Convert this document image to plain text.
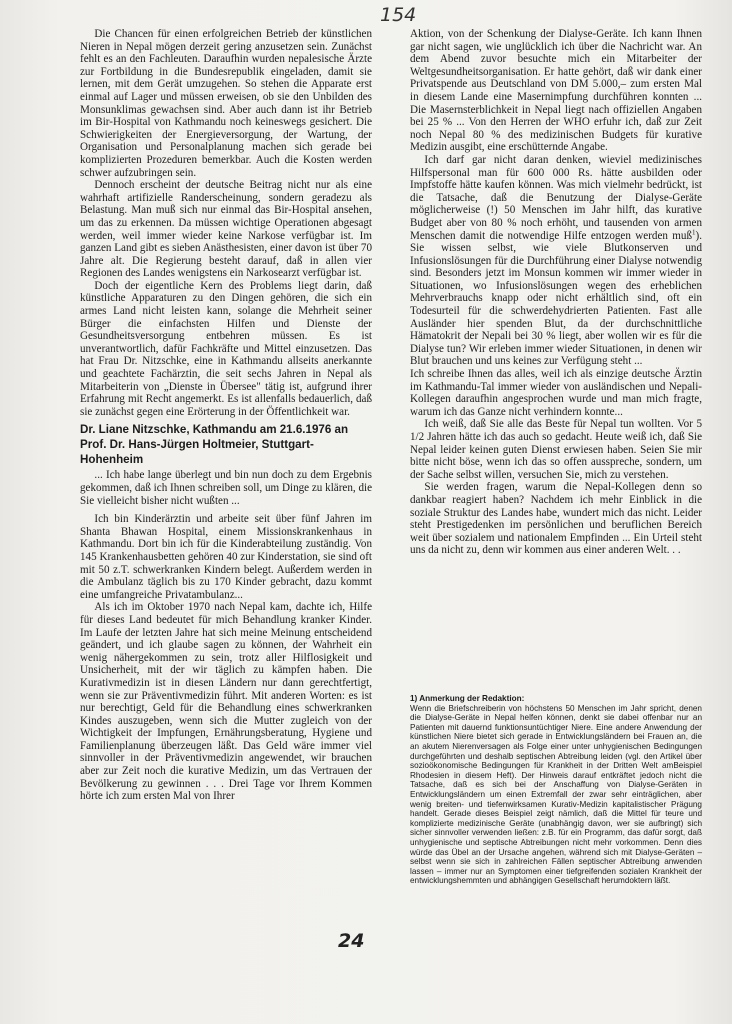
154

Die Chancen für einen erfolgreichen Betrieb der künstlichen Nieren in Nepal mögen derzeit gering anzusetzen sein. Zunächst fehlt es an den Fachleuten. Daraufhin wurden nepalesische Ärzte zur Fortbildung in die Bundesrepublik eingeladen, damit sie lernen, mit dem Gerät umzugehen. So stehen die Apparate erst einmal auf Lager und müssen erweisen, ob sie den Unbilden des Monsunklimas gewachsen sind. Aber auch dann ist ihr Betrieb im Bir-Hospital von Kathmandu noch keineswegs gesichert. Die Schwierigkeiten der Energieversorgung, der Wartung, der Organisation und Personalplanung machen sich gerade bei komplizierten Prozeduren bemerkbar. Auch die Kosten werden schwer aufzubringen sein.

Dennoch erscheint der deutsche Beitrag nicht nur als eine wahrhaft artifizielle Randerscheinung, sondern geradezu als Belastung. Man muß sich nur einmal das Bir-Hospital ansehen, um das zu erkennen. Da müssen wichtige Operationen abgesagt werden, weil immer wieder keine Narkose verfügbar ist. Im ganzen Land gibt es sieben Anästhesisten, einer davon ist über 70 Jahre alt. Die Regierung besteht darauf, daß in allen vier Regionen des Landes wenigstens ein Narkosearzt verfügbar ist.

Doch der eigentliche Kern des Problems liegt darin, daß künstliche Apparaturen zu den Dingen gehören, die sich ein armes Land nicht leisten kann, solange die Mehrheit seiner Bürger die einfachsten Hilfen und Dienste der Gesundheitsversorgung entbehren müssen. Es ist unverantwortlich, dafür Fachkräfte und Mittel einzusetzen. Das hat Frau Dr. Nitzschke, eine in Kathmandu allseits anerkannte und geachtete Fachärztin, die seit sechs Jahren in Nepal als Mitarbeiterin von „Dienste in Übersee" tätig ist, aufgrund ihrer Erfahrung mit Recht angemerkt. Es ist allenfalls bedauerlich, daß sie zunächst gegen eine Erörterung in der Öffentlichkeit war.

Dr. Liane Nitzschke, Kathmandu am 21.6.1976 an Prof. Dr. Hans-Jürgen Holtmeier, Stuttgart-Hohenheim

... Ich habe lange überlegt und bin nun doch zu dem Ergebnis gekommen, daß ich Ihnen schreiben soll, um Dinge zu klären, die Sie vielleicht bisher nicht wußten ...

Ich bin Kinderärztin und arbeite seit über fünf Jahren im Shanta Bhawan Hospital, einem Missionskrankenhaus in Kathmandu. Dort bin ich für die Kinderabteilung zuständig. Von 145 Krankenhausbetten gehören 40 zur Kinderstation, sie sind oft mit 50 z.T. schwerkranken Kindern belegt. Außerdem werden in die Ambulanz täglich bis zu 170 Kinder gebracht, dazu kommt eine umfangreiche Privatambulanz...

Als ich im Oktober 1970 nach Nepal kam, dachte ich, Hilfe für dieses Land bedeutet für mich Behandlung kranker Kinder. Im Laufe der letzten Jahre hat sich meine Meinung entscheidend geändert, und ich glaube sagen zu können, der Wahrheit ein wenig nähergekommen zu sein, trotz aller Hilflosigkeit und Unsicherheit, mit der wir täglich zu kämpfen haben. Die Kurativmedizin ist in diesen Ländern nur dann gerechtfertigt, wenn sie zur Präventivmedizin führt. Mit anderen Worten: es ist nur berechtigt, Geld für die Behandlung eines schwerkranken Kindes auszugeben, wenn sich die Mutter zugleich von der Wichtigkeit der Impfungen, Ernährungsberatung, Hygiene und Familienplanung überzeugen läßt. Das Geld wäre immer viel sinnvoller in der Präventivmedizin angewendet, wir brauchen aber zur Zeit noch die kurative Medizin, um das Vertrauen der Bevölkerung zu gewinnen . . . Drei Tage vor Ihrem Kommen hörte ich zum ersten Mal von Ihrer

Aktion, von der Schenkung der Dialyse-Geräte. Ich kann Ihnen gar nicht sagen, wie unglücklich ich über die Nachricht war. An dem Abend zuvor besuchte mich ein Mitarbeiter der Weltgesundheitsorganisation. Er hatte gehört, daß wir dank einer Privatspende aus Deutschland von DM 5.000,– zum ersten Mal in diesem Lande eine Masernimpfung durchführen konnten ... Die Masernsterblichkeit in Nepal liegt nach offiziellen Angaben bei 25 % ... Von den Herren der WHO erfuhr ich, daß zur Zeit noch Nepal 80 % des medizinischen Budgets für kurative Medizin ausgibt, eine erschütternde Angabe.

Ich darf gar nicht daran denken, wieviel medizinisches Hilfspersonal man für 600 000 Rs. hätte ausbilden oder Impfstoffe hätte kaufen können. Was mich vielmehr bedrückt, ist die Tatsache, daß die Benutzung der Dialyse-Geräte möglicherweise (!) 50 Menschen im Jahr hilft, das kurative Budget aber von 80 % noch erhöht, und tausenden von armen Menschen damit die notwendige Hilfe entzogen werden muß$^1$). Sie wissen selbst, wie viele Blutkonserven und Infusionslösungen für die Durchführung einer Dialyse notwendig sind. Besonders jetzt im Monsun kommen wir immer wieder in Situationen, wo Infusionslösungen wegen des erheblichen Mehrverbrauchs knapp oder nicht erhältlich sind, oft ein Todesurteil für die schwerdehydrierten Patienten. Fast alle Ausländer hier spenden Blut, da der durchschnittliche Hämatokrit der Nepali bei 30 % liegt, aber wollen wir es für die Dialyse tun? Wir erleben immer wieder Situationen, in denen wir Blut brauchen und uns keines zur Verfügung steht ...

Ich schreibe Ihnen das alles, weil ich als einzige deutsche Ärztin im Kathmandu-Tal immer wieder von ausländischen und Nepali-Kollegen daraufhin angesprochen wurde und man mich fragte, warum ich das Ganze nicht verhindern konnte...

Ich weiß, daß Sie alle das Beste für Nepal tun wollten. Vor 5 1/2 Jahren hätte ich das auch so gedacht. Heute weiß ich, daß Sie Nepal leider keinen guten Dienst erwiesen haben. Seien Sie mir bitte nicht böse, wenn ich das so offen ausspreche, sondern, um der Sache selbst willen, versuchen Sie, mich zu verstehen.

Sie werden fragen, warum die Nepal-Kollegen denn so dankbar reagiert haben? Nachdem ich mehr Einblick in die soziale Struktur des Landes habe, wundert mich das nicht. Leider steht Prestigedenken im persönlichen und beruflichen Bereich weit über sozialem und nationalem Empfinden ... Ein Urteil steht uns da nicht zu, denn wir kommen aus einer anderen Welt. . .

1) Anmerkung der Redaktion:

Wenn die Briefschreiberin von höchstens 50 Menschen im Jahr spricht, denen die Dialyse-Geräte in Nepal helfen können, denkt sie dabei offenbar nur an Patienten mit dauernd funktionsuntüchtiger Niere. Eine andere Anwendung der künstlichen Niere bietet sich gerade in Entwicklungsländern bei Frauen an, die an akutem Nierenversagen als Folge einer unter unhygienischen Bedingungen durchgeführten und deshalb septischen Abtreibung leiden (vgl. den Artikel über sozioökonomische Bedingungen für Krankheit in der Dritten Welt amBeispiel Rhodesien in diesem Heft). Der Hinweis darauf entkräftet jedoch nicht die Tatsache, daß es sich bei der Anschaffung von Dialyse-Geräten in Entwicklungsländern um einen Extremfall der zwar sehr einträglichen, aber wenig breiten- und tiefenwirksamen Kurativ-Medizin kapitalistischer Prägung handelt. Gerade dieses Beispiel zeigt nämlich, daß die Mittel für teure und komplizierte medizinische Geräte (unabhängig davon, wer sie aufbringt) sich sicher sinnvoller verwenden ließen: z.B. für ein Programm, das dafür sorgt, daß unhygienische und septische Abtreibungen nicht mehr vorkommen. Denn dies würde das Übel an der Ursache angehen, während sich mit Dialyse-Geräten – selbst wenn sie sich in zahlreichen Fällen septischer Abtreibung anwenden lassen – immer nur an Symptomen einer tiefgreifenden sozialen Krankheit der entwicklungshemmten und abhängigen Gesellschaft herumdoktern läßt.

24
